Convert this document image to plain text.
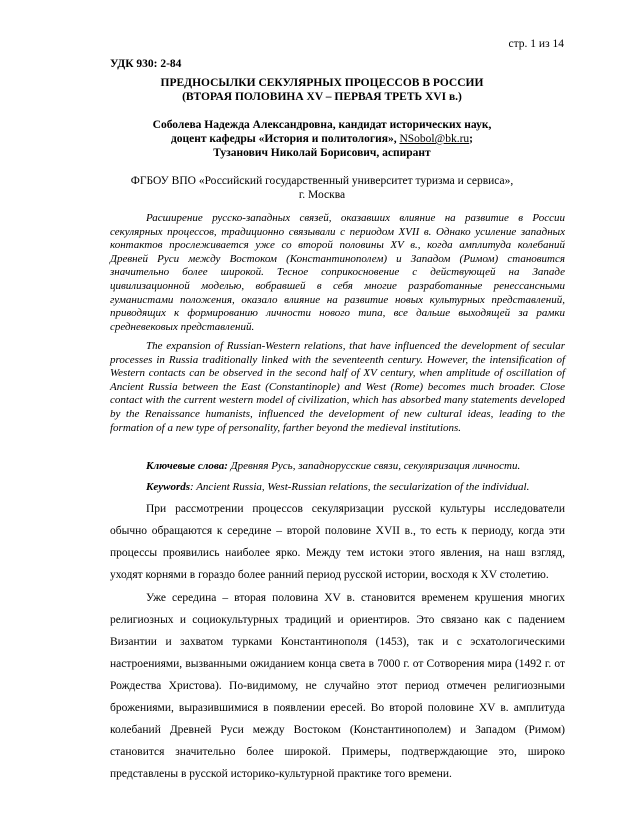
стр. 1 из 14
УДК 930: 2-84
ПРЕДНОСЫЛКИ СЕКУЛЯРНЫХ ПРОЦЕССОВ В РОССИИ
(ВТОРАЯ ПОЛОВИНА XV – ПЕРВАЯ ТРЕТЬ XVI в.)
Соболева Надежда Александровна, кандидат исторических наук,
доцент кафедры «История и политология», NSobol@bk.ru;
Тузанович Николай Борисович, аспирант
ФГБОУ ВПО «Российский государственный университет туризма и сервиса»,
г. Москва

Расширение русско-западных связей, оказавших влияние на развитие в России секулярных процессов, традиционно связывали с периодом XVII в. Однако усиление западных контактов прослеживается уже со второй половины XV в., когда амплитуда колебаний Древней Руси между Востоком (Константинополем) и Западом (Римом) становится значительно более широкой. Тесное соприкосновение с действующей на Западе цивилизационной моделью, вобравшей в себя многие разработанные ренессансными гуманистами положения, оказало влияние на развитие новых культурных представлений, приводящих к формированию личности нового типа, все дальше выходящей за рамки средневековых представлений.

The expansion of Russian-Western relations, that have influenced the development of secular processes in Russia traditionally linked with the seventeenth century. However, the intensification of Western contacts can be observed in the second half of XV century, when amplitude of oscillation of Ancient Russia between the East (Constantinople) and West (Rome) becomes much broader. Close contact with the current western model of civilization, which has absorbed many statements developed by the Renaissance humanists, influenced the development of new cultural ideas, leading to the formation of a new type of personality, farther beyond the medieval institutions.

Ключевые слова: Древняя Русь, западнорусские связи, секуляризация личности.

Keywords: Ancient Russia, West-Russian relations, the secularization of the individual.

При рассмотрении процессов секуляризации русской культуры исследователи обычно обращаются к середине – второй половине XVII в., то есть к периоду, когда эти процессы проявились наиболее ярко. Между тем истоки этого явления, на наш взгляд, уходят корнями в гораздо более ранний период русской истории, восходя к XV столетию.

Уже середина – вторая половина XV в. становится временем крушения многих религиозных и социокультурных традиций и ориентиров. Это связано как с падением Византии и захватом турками Константинополя (1453), так и с эсхатологическими настроениями, вызванными ожиданием конца света в 7000 г. от Сотворения мира (1492 г. от Рождества Христова). По-видимому, не случайно этот период отмечен религиозными брожениями, выразившимися в появлении ересей. Во второй половине XV в. амплитуда колебаний Древней Руси между Востоком (Константинополем) и Западом (Римом) становится значительно более широкой. Примеры, подтверждающие это, широко представлены в русской историко-культурной практике того времени.
